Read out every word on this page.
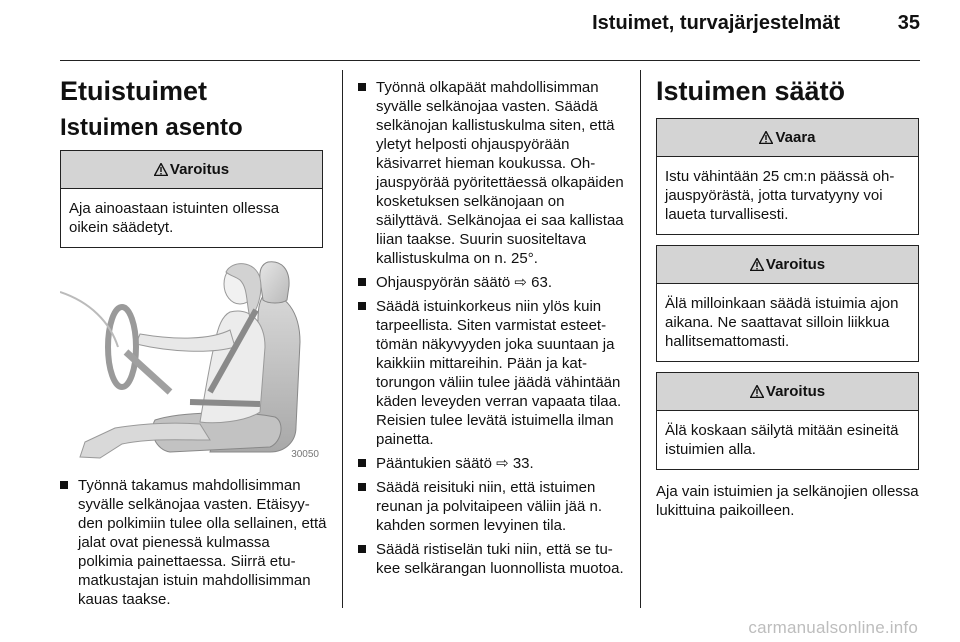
Istuimet, turvajärjestelmät	35
Etuistuimet
Istuimen asento
Varoitus
Aja ainoastaan istuinten ollessa oikein säädetyt.
30050
Työnnä takamus mahdollisimman syvälle selkänojaa vasten. Etäisyyden polkimiin tulee olla sellainen, että jalat ovat pienessä kulmassa polkimia painettaessa. Siirrä etumatkustajan istuin mahdollisimman kauas taakse.
Työnnä olkapäät mahdollisimman syvälle selkänojaa vasten. Säädä selkänojan kallistuskulma siten, että yletyt helposti ohjauspyörään käsivarret hieman koukussa. Ohjauspyörää pyöritettäessä olkapäiden kosketuksen selkänojaan on säilyttävä. Selkänojaa ei saa kallistaa liian taakse. Suurin suositeltava kallistuskulma on n. 25°.
Ohjauspyörän säätö ⇨ 63.
Säädä istuinkorkeus niin ylös kuin tarpeellista. Siten varmistat esteettömän näkyvyyden joka suuntaan ja kaikkiin mittareihin. Pään ja kattorungon väliin tulee jäädä vähintään käden leveyden verran vapaata tilaa. Reisien tulee levätä istuimella ilman painetta.
Pääntukien säätö ⇨ 33.
Säädä reisituki niin, että istuimen reunan ja polvitaipeen väliin jää n. kahden sormen levyinen tila.
Säädä ristiselän tuki niin, että se tukee selkärangan luonnollista muotoa.
Istuimen säätö
Vaara
Istu vähintään 25 cm:n päässä ohjauspyörästä, jotta turvatyyny voi laueta turvallisesti.
Varoitus
Älä milloinkaan säädä istuimia ajon aikana. Ne saattavat silloin liikkua hallitsemattomasti.
Varoitus
Älä koskaan säilytä mitään esineitä istuimien alla.

Aja vain istuimien ja selkänojien ollessa lukittuina paikoilleen.

carmanualsonline.info
